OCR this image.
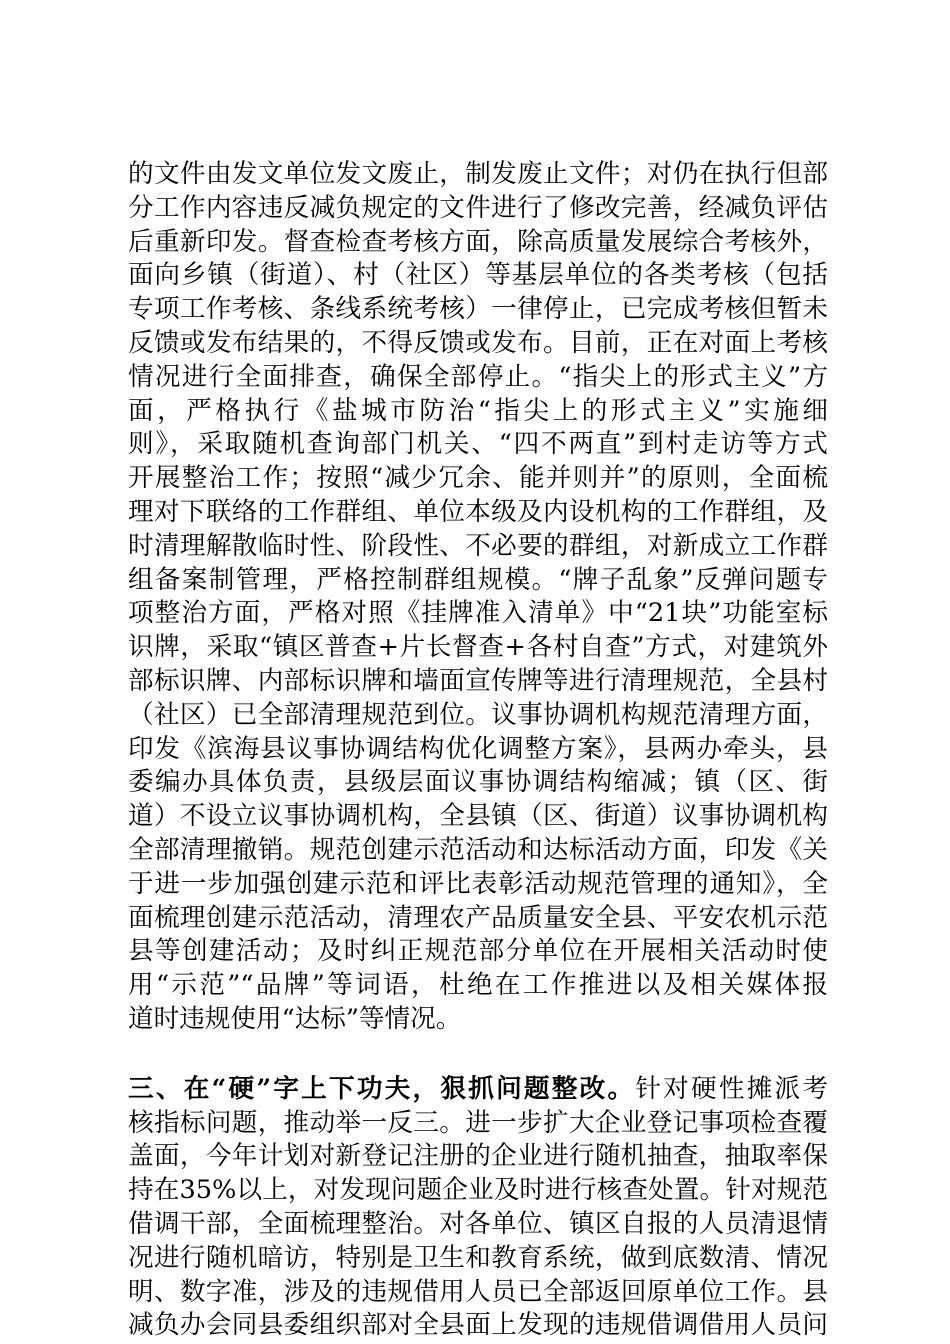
的文件由发文单位发文废止，制发废止文件；对仍在执行但部
分工作内容违反减负规定的文件进行了修改完善，经减负评估
后重新印发。督查检查考核方面，除高质量发展综合考核外，
面向乡镇（街道）、村（社区）等基层单位的各类考核（包括
专项工作考核、条线系统考核）一律停止，已完成考核但暂未
反馈或发布结果的，不得反馈或发布。目前，正在对面上考核
情况进行全面排查，确保全部停止。“指尖上的形式主义”方
面，严格执行《盐城市防治“指尖上的形式主义”实施细
则》，采取随机查询部门机关、“四不两直”到村走访等方式
开展整治工作；按照“减少冗余、能并则并”的原则，全面梳
理对下联络的工作群组、单位本级及内设机构的工作群组，及
时清理解散临时性、阶段性、不必要的群组，对新成立工作群
组备案制管理，严格控制群组规模。“牌子乱象”反弹问题专
项整治方面，严格对照《挂牌准入清单》中“21块”功能室标
识牌，采取“镇区普查+片长督查+各村自查”方式，对建筑外
部标识牌、内部标识牌和墙面宣传牌等进行清理规范，全县村
（社区）已全部清理规范到位。议事协调机构规范清理方面，
印发《滨海县议事协调结构优化调整方案》，县两办牵头，县
委编办具体负责，县级层面议事协调结构缩减；镇（区、街
道）不设立议事协调机构，全县镇（区、街道）议事协调机构
全部清理撤销。规范创建示范活动和达标活动方面，印发《关
于进一步加强创建示范和评比表彰活动规范管理的通知》，全
面梳理创建示范活动，清理农产品质量安全县、平安农机示范
县等创建活动；及时纠正规范部分单位在开展相关活动时使
用“示范”“品牌”等词语，杜绝在工作推进以及相关媒体报
道时违规使用“达标”等情况。
三、在“硬”字上下功夫，狠抓问题整改。针对硬性摊派考
核指标问题，推动举一反三。进一步扩大企业登记事项检查覆
盖面，今年计划对新登记注册的企业进行随机抽查，抽取率保
持在35%以上，对发现问题企业及时进行核查处置。针对规范
借调干部，全面梳理整治。对各单位、镇区自报的人员清退情
况进行随机暗访，特别是卫生和教育系统，做到底数清、情况
明、数字准，涉及的违规借用人员已全部返回原单位工作。县
减负办会同县委组织部对全县面上发现的违规借调借用人员问
